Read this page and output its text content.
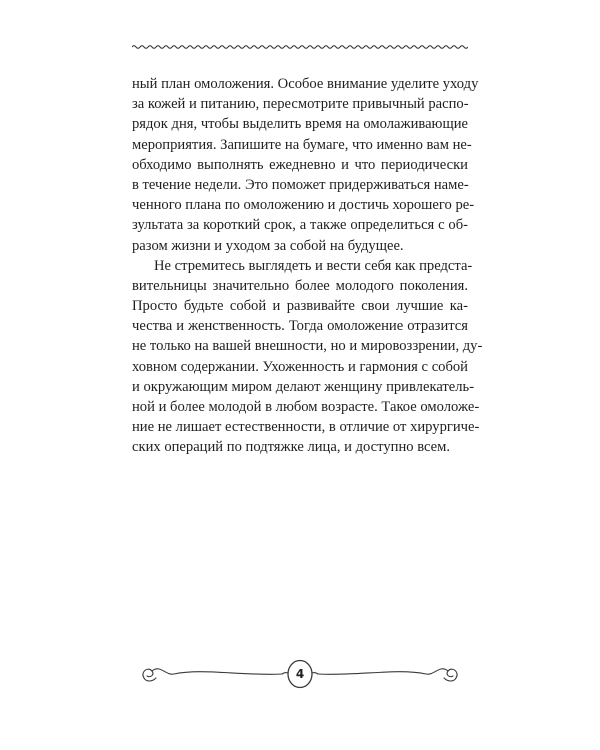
ный план омоложения. Особое внимание уделите уходу
за кожей и питанию, пересмотрите привычный распо-
рядок дня, чтобы выделить время на омолаживающие
мероприятия. Запишите на бумаге, что именно вам не-
обходимо выполнять ежедневно и что периодически
в течение недели. Это поможет придерживаться наме-
ченного плана по омоложению и достичь хорошего ре-
зультата за короткий срок, а также определиться с об-
разом жизни и уходом за собой на будущее.
Не стремитесь выглядеть и вести себя как предста-
вительницы значительно более молодого поколения.
Просто будьте собой и развивайте свои лучшие ка-
чества и женственность. Тогда омоложение отразится
не только на вашей внешности, но и мировоззрении, ду-
ховном содержании. Ухоженность и гармония с собой
и окружающим миром делают женщину привлекатель-
ной и более молодой в любом возрасте. Такое омоложе-
ние не лишает естественности, в отличие от хирургиче-
ских операций по подтяжке лица, и доступно всем.
4
